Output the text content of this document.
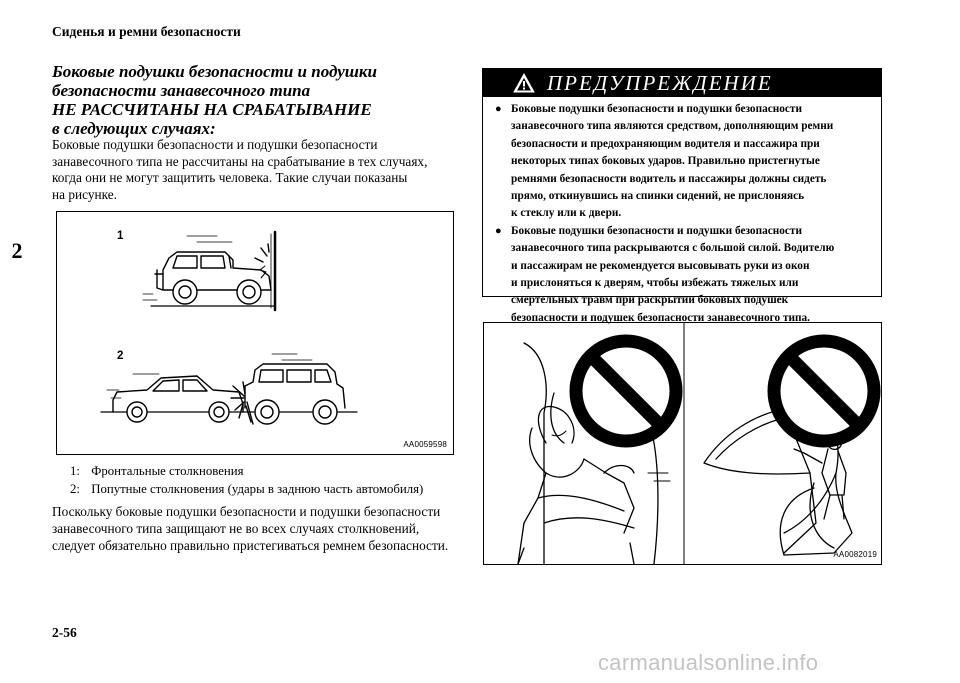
Сиденья и ремни безопасности
2
Боковые подушки безопасности и подушки
безопасности занавесочного типа
НЕ РАССЧИТАНЫ НА СРАБАТЫВАНИЕ
в следующих случаях:
Боковые подушки безопасности и подушки безопасности
занавесочного типа не рассчитаны на срабатывание в тех случаях,
когда они не могут защитить человека. Такие случаи показаны
на рисунке.
1
2
AA0059598
1: Фронтальные столкновения
2: Попутные столкновения (удары в заднюю часть автомобиля)
Поскольку боковые подушки безопасности и подушки безопасности
занавесочного типа защищают не во всех случаях столкновений,
следует обязательно правильно пристегиваться ремнем безопасности.
ПРЕДУПРЕЖДЕНИЕ
● Боковые подушки безопасности и подушки безопасности
занавесочного типа являются средством, дополняющим ремни
безопасности и предохраняющим водителя и пассажира при
некоторых типах боковых ударов. Правильно пристегнутые
ремнями безопасности водитель и пассажиры должны сидеть
прямо, откинувшись на спинки сидений, не прислоняясь
к стеклу или к двери.
● Боковые подушки безопасности и подушки безопасности
занавесочного типа раскрываются с большой силой. Водителю
и пассажирам не рекомендуется высовывать руки из окон
и прислоняться к дверям, чтобы избежать тяжелых или
смертельных травм при раскрытии боковых подушек
безопасности и подушек безопасности занавесочного типа.
AA0082019
2-56
carmanualsonline.info
